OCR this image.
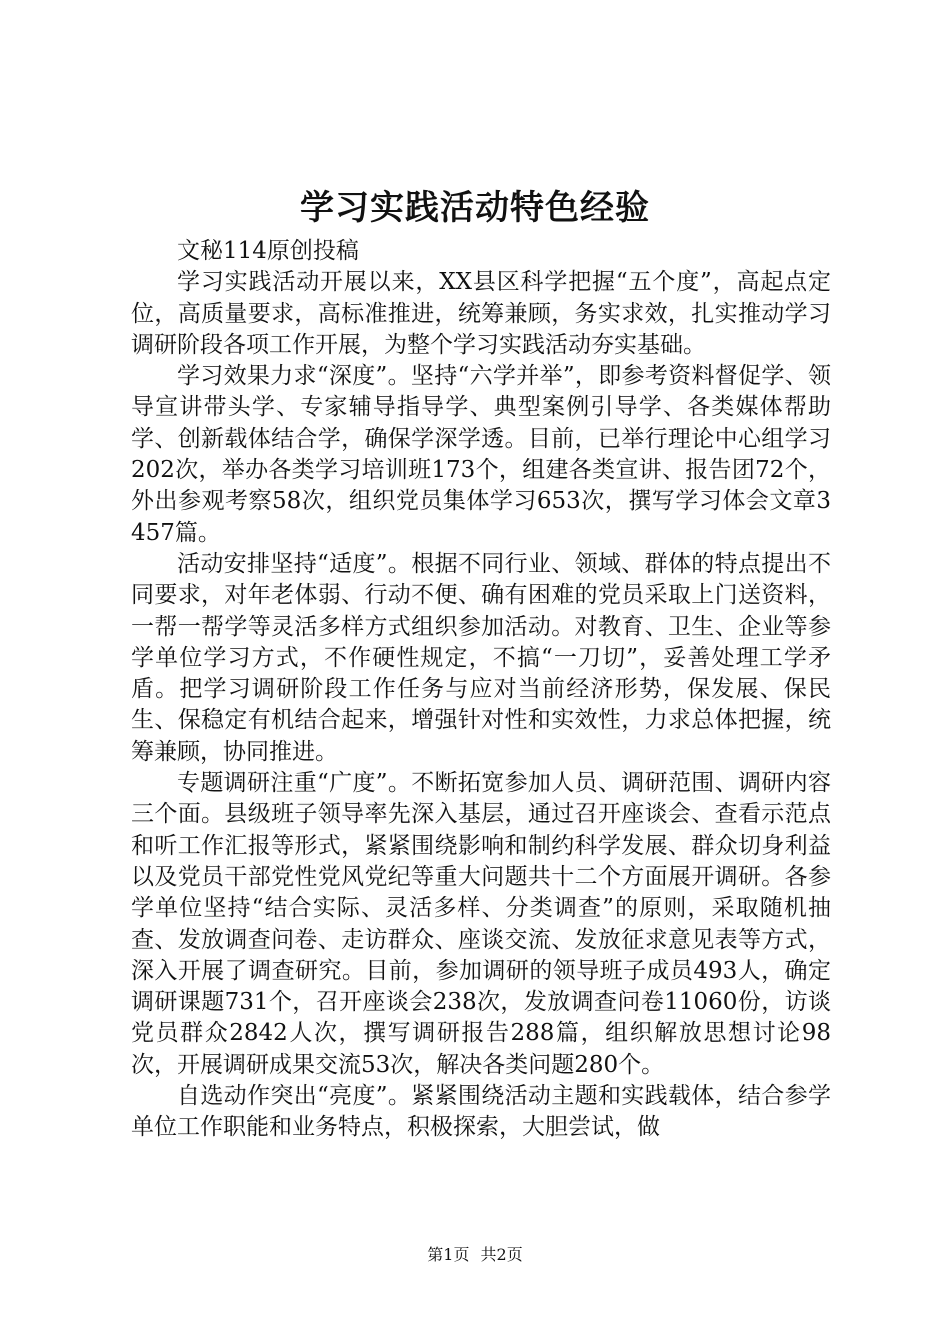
学习实践活动特色经验

文秘114原创投稿

学习实践活动开展以来，XX县区科学把握“五个度”，高起点定位，高质量要求，高标准推进，统筹兼顾，务实求效，扎实推动学习调研阶段各项工作开展，为整个学习实践活动夯实基础。

学习效果力求“深度”。坚持“六学并举”，即参考资料督促学、领导宣讲带头学、专家辅导指导学、典型案例引导学、各类媒体帮助学、创新载体结合学，确保学深学透。目前，已举行理论中心组学习202次，举办各类学习培训班173个，组建各类宣讲、报告团72个，外出参观考察58次，组织党员集体学习653次，撰写学习体会文章3457篇。

活动安排坚持“适度”。根据不同行业、领域、群体的特点提出不同要求，对年老体弱、行动不便、确有困难的党员采取上门送资料，一帮一帮学等灵活多样方式组织参加活动。对教育、卫生、企业等参学单位学习方式，不作硬性规定，不搞“一刀切”，妥善处理工学矛盾。把学习调研阶段工作任务与应对当前经济形势，保发展、保民生、保稳定有机结合起来，增强针对性和实效性，力求总体把握，统筹兼顾，协同推进。

专题调研注重“广度”。不断拓宽参加人员、调研范围、调研内容三个面。县级班子领导率先深入基层，通过召开座谈会、查看示范点和听工作汇报等形式，紧紧围绕影响和制约科学发展、群众切身利益以及党员干部党性党风党纪等重大问题共十二个方面展开调研。各参学单位坚持“结合实际、灵活多样、分类调查”的原则，采取随机抽查、发放调查问卷、走访群众、座谈交流、发放征求意见表等方式，深入开展了调查研究。目前，参加调研的领导班子成员493人，确定调研课题731个，召开座谈会238次，发放调查问卷11060份，访谈党员群众2842人次，撰写调研报告288篇，组织解放思想讨论98次，开展调研成果交流53次，解决各类问题280个。

自选动作突出“亮度”。紧紧围绕活动主题和实践载体，结合参学单位工作职能和业务特点，积极探索，大胆尝试，做

第1页 共2页
